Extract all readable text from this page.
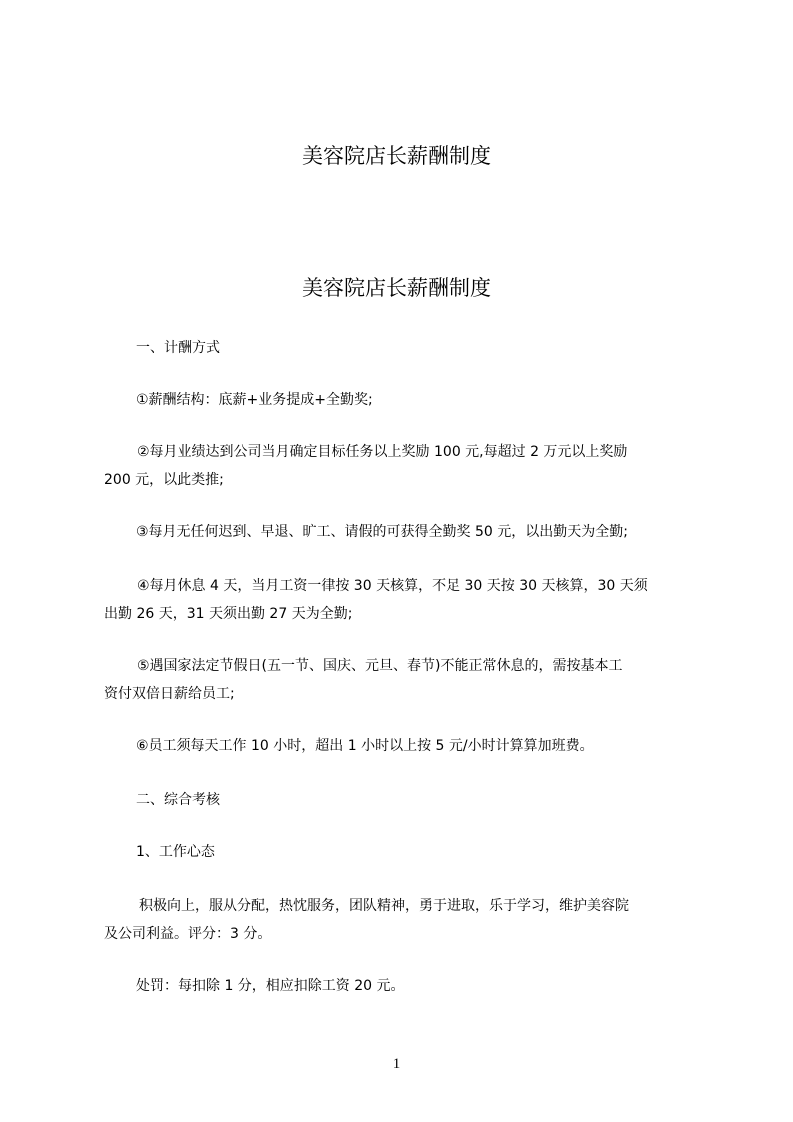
美容院店长薪酬制度
美容院店长薪酬制度

一、计酬方式

①薪酬结构：底薪+业务提成+全勤奖;

②每月业绩达到公司当月确定目标任务以上奖励 100 元,每超过 2 万元以上奖励
200 元，以此类推;

③每月无任何迟到、早退、旷工、请假的可获得全勤奖 50 元，以出勤天为全勤;

④每月休息 4 天，当月工资一律按 30 天核算，不足 30 天按 30 天核算，30 天须
出勤 26 天，31 天须出勤 27 天为全勤;

⑤遇国家法定节假日(五一节、国庆、元旦、春节)不能正常休息的，需按基本工
资付双倍日薪给员工;

⑥员工须每天工作 10 小时，超出 1 小时以上按 5 元/小时计算算加班费。

二、综合考核

1、工作心态

积极向上，服从分配，热忱服务，团队精神，勇于进取，乐于学习，维护美容院
及公司利益。评分：3 分。

处罚：每扣除 1 分，相应扣除工资 20 元。

1
